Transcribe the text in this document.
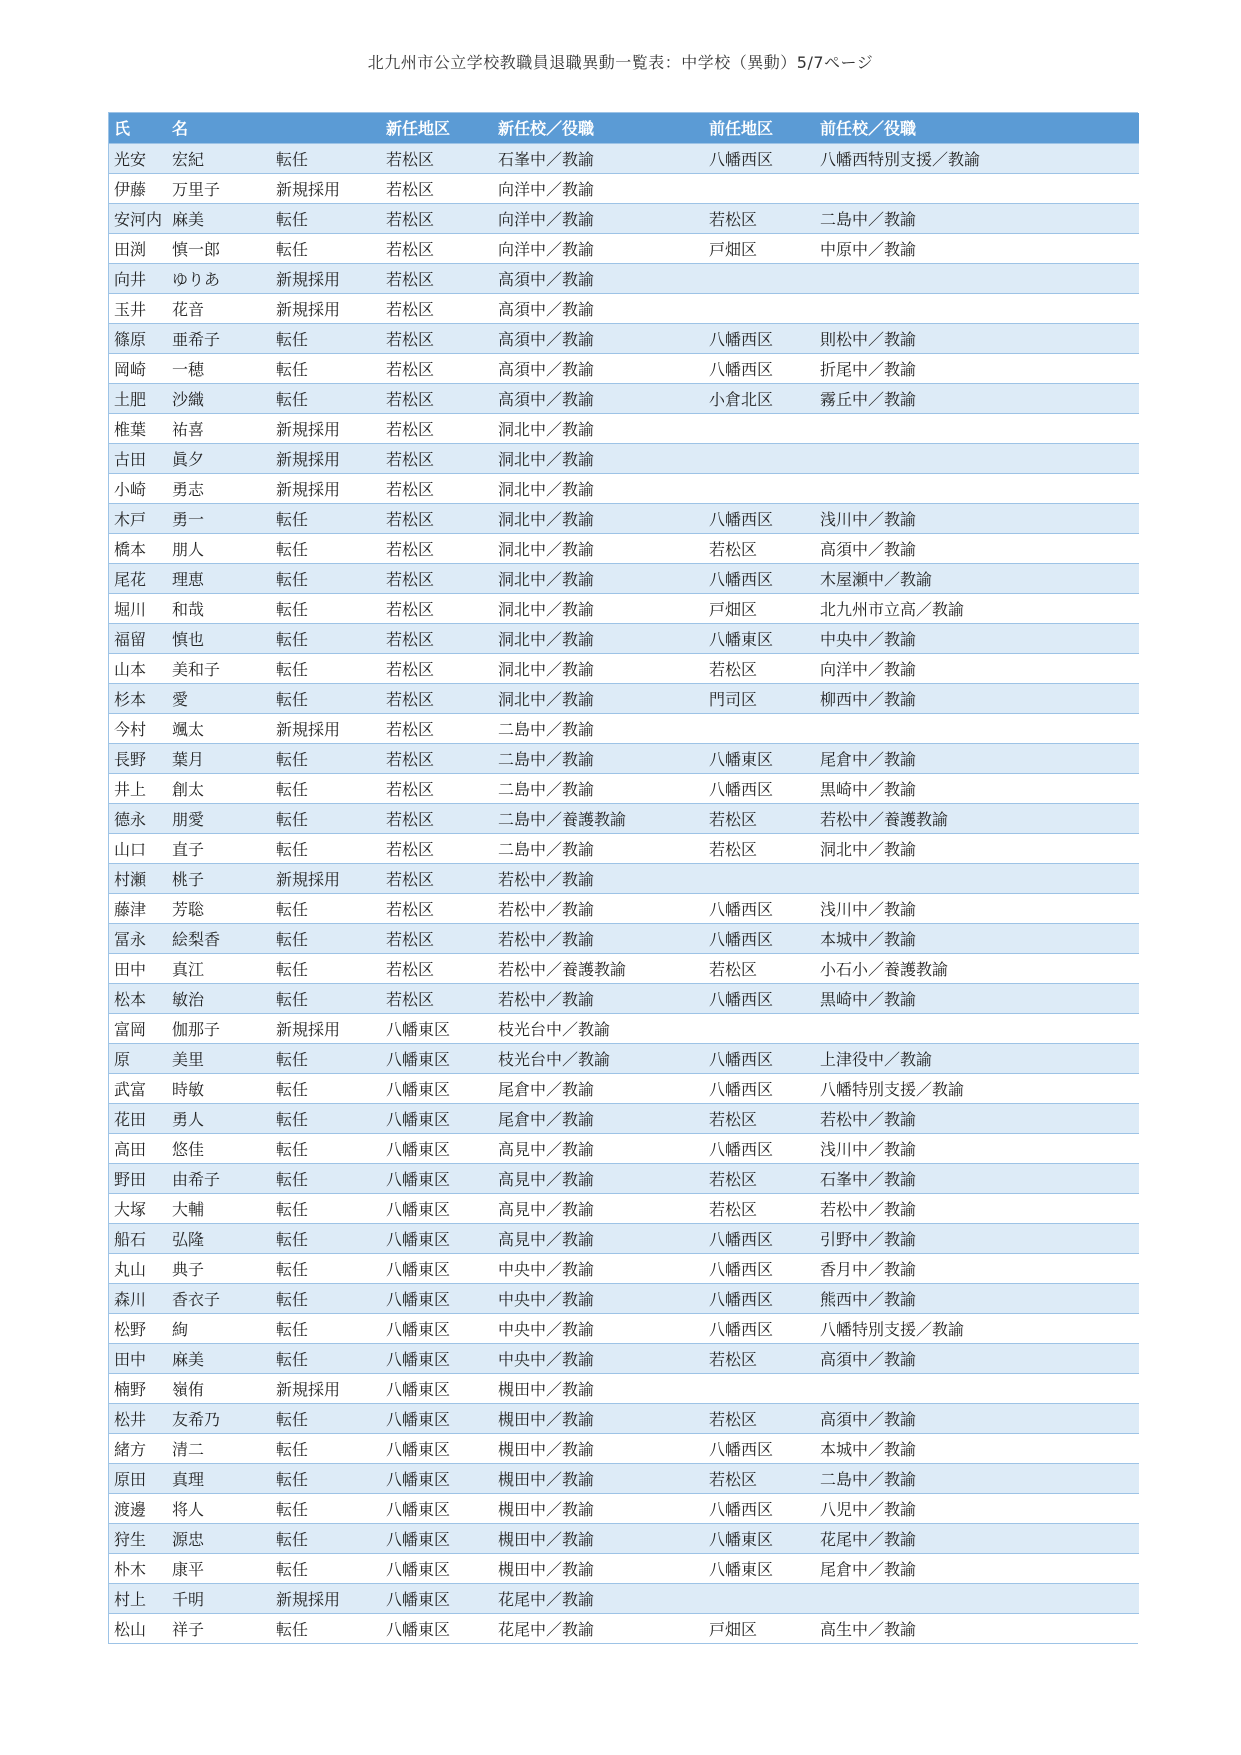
北九州市公立学校教職員退職異動一覧表：中学校（異動）5/7ページ
氏	名		新任地区	新任校／役職	前任地区	前任校／役職
光安	宏紀	転任	若松区	石峯中／教諭	八幡西区	八幡西特別支援／教諭
伊藤	万里子	新規採用	若松区	向洋中／教諭		
安河内	麻美	転任	若松区	向洋中／教諭	若松区	二島中／教諭
田渕	慎一郎	転任	若松区	向洋中／教諭	戸畑区	中原中／教諭
向井	ゆりあ	新規採用	若松区	高須中／教諭		
玉井	花音	新規採用	若松区	高須中／教諭		
篠原	亜希子	転任	若松区	高須中／教諭	八幡西区	則松中／教諭
岡崎	一穂	転任	若松区	高須中／教諭	八幡西区	折尾中／教諭
土肥	沙織	転任	若松区	高須中／教諭	小倉北区	霧丘中／教諭
椎葉	祐喜	新規採用	若松区	洞北中／教諭		
古田	眞夕	新規採用	若松区	洞北中／教諭		
小崎	勇志	新規採用	若松区	洞北中／教諭		
木戸	勇一	転任	若松区	洞北中／教諭	八幡西区	浅川中／教諭
橋本	朋人	転任	若松区	洞北中／教諭	若松区	高須中／教諭
尾花	理恵	転任	若松区	洞北中／教諭	八幡西区	木屋瀬中／教諭
堀川	和哉	転任	若松区	洞北中／教諭	戸畑区	北九州市立高／教諭
福留	慎也	転任	若松区	洞北中／教諭	八幡東区	中央中／教諭
山本	美和子	転任	若松区	洞北中／教諭	若松区	向洋中／教諭
杉本	愛	転任	若松区	洞北中／教諭	門司区	柳西中／教諭
今村	颯太	新規採用	若松区	二島中／教諭		
長野	葉月	転任	若松区	二島中／教諭	八幡東区	尾倉中／教諭
井上	創太	転任	若松区	二島中／教諭	八幡西区	黒崎中／教諭
德永	朋愛	転任	若松区	二島中／養護教諭	若松区	若松中／養護教諭
山口	直子	転任	若松区	二島中／教諭	若松区	洞北中／教諭
村瀬	桃子	新規採用	若松区	若松中／教諭		
藤津	芳聡	転任	若松区	若松中／教諭	八幡西区	浅川中／教諭
冨永	絵梨香	転任	若松区	若松中／教諭	八幡西区	本城中／教諭
田中	真江	転任	若松区	若松中／養護教諭	若松区	小石小／養護教諭
松本	敏治	転任	若松区	若松中／教諭	八幡西区	黒崎中／教諭
富岡	伽那子	新規採用	八幡東区	枝光台中／教諭		
原	美里	転任	八幡東区	枝光台中／教諭	八幡西区	上津役中／教諭
武富	時敏	転任	八幡東区	尾倉中／教諭	八幡西区	八幡特別支援／教諭
花田	勇人	転任	八幡東区	尾倉中／教諭	若松区	若松中／教諭
高田	悠佳	転任	八幡東区	高見中／教諭	八幡西区	浅川中／教諭
野田	由希子	転任	八幡東区	高見中／教諭	若松区	石峯中／教諭
大塚	大輔	転任	八幡東区	高見中／教諭	若松区	若松中／教諭
船石	弘隆	転任	八幡東区	高見中／教諭	八幡西区	引野中／教諭
丸山	典子	転任	八幡東区	中央中／教諭	八幡西区	香月中／教諭
森川	香衣子	転任	八幡東区	中央中／教諭	八幡西区	熊西中／教諭
松野	絢	転任	八幡東区	中央中／教諭	八幡西区	八幡特別支援／教諭
田中	麻美	転任	八幡東区	中央中／教諭	若松区	高須中／教諭
楠野	嶺侑	新規採用	八幡東区	槻田中／教諭		
松井	友希乃	転任	八幡東区	槻田中／教諭	若松区	高須中／教諭
緒方	清二	転任	八幡東区	槻田中／教諭	八幡西区	本城中／教諭
原田	真理	転任	八幡東区	槻田中／教諭	若松区	二島中／教諭
渡邊	将人	転任	八幡東区	槻田中／教諭	八幡西区	八児中／教諭
狩生	源忠	転任	八幡東区	槻田中／教諭	八幡東区	花尾中／教諭
朴木	康平	転任	八幡東区	槻田中／教諭	八幡東区	尾倉中／教諭
村上	千明	新規採用	八幡東区	花尾中／教諭		
松山	祥子	転任	八幡東区	花尾中／教諭	戸畑区	高生中／教諭
